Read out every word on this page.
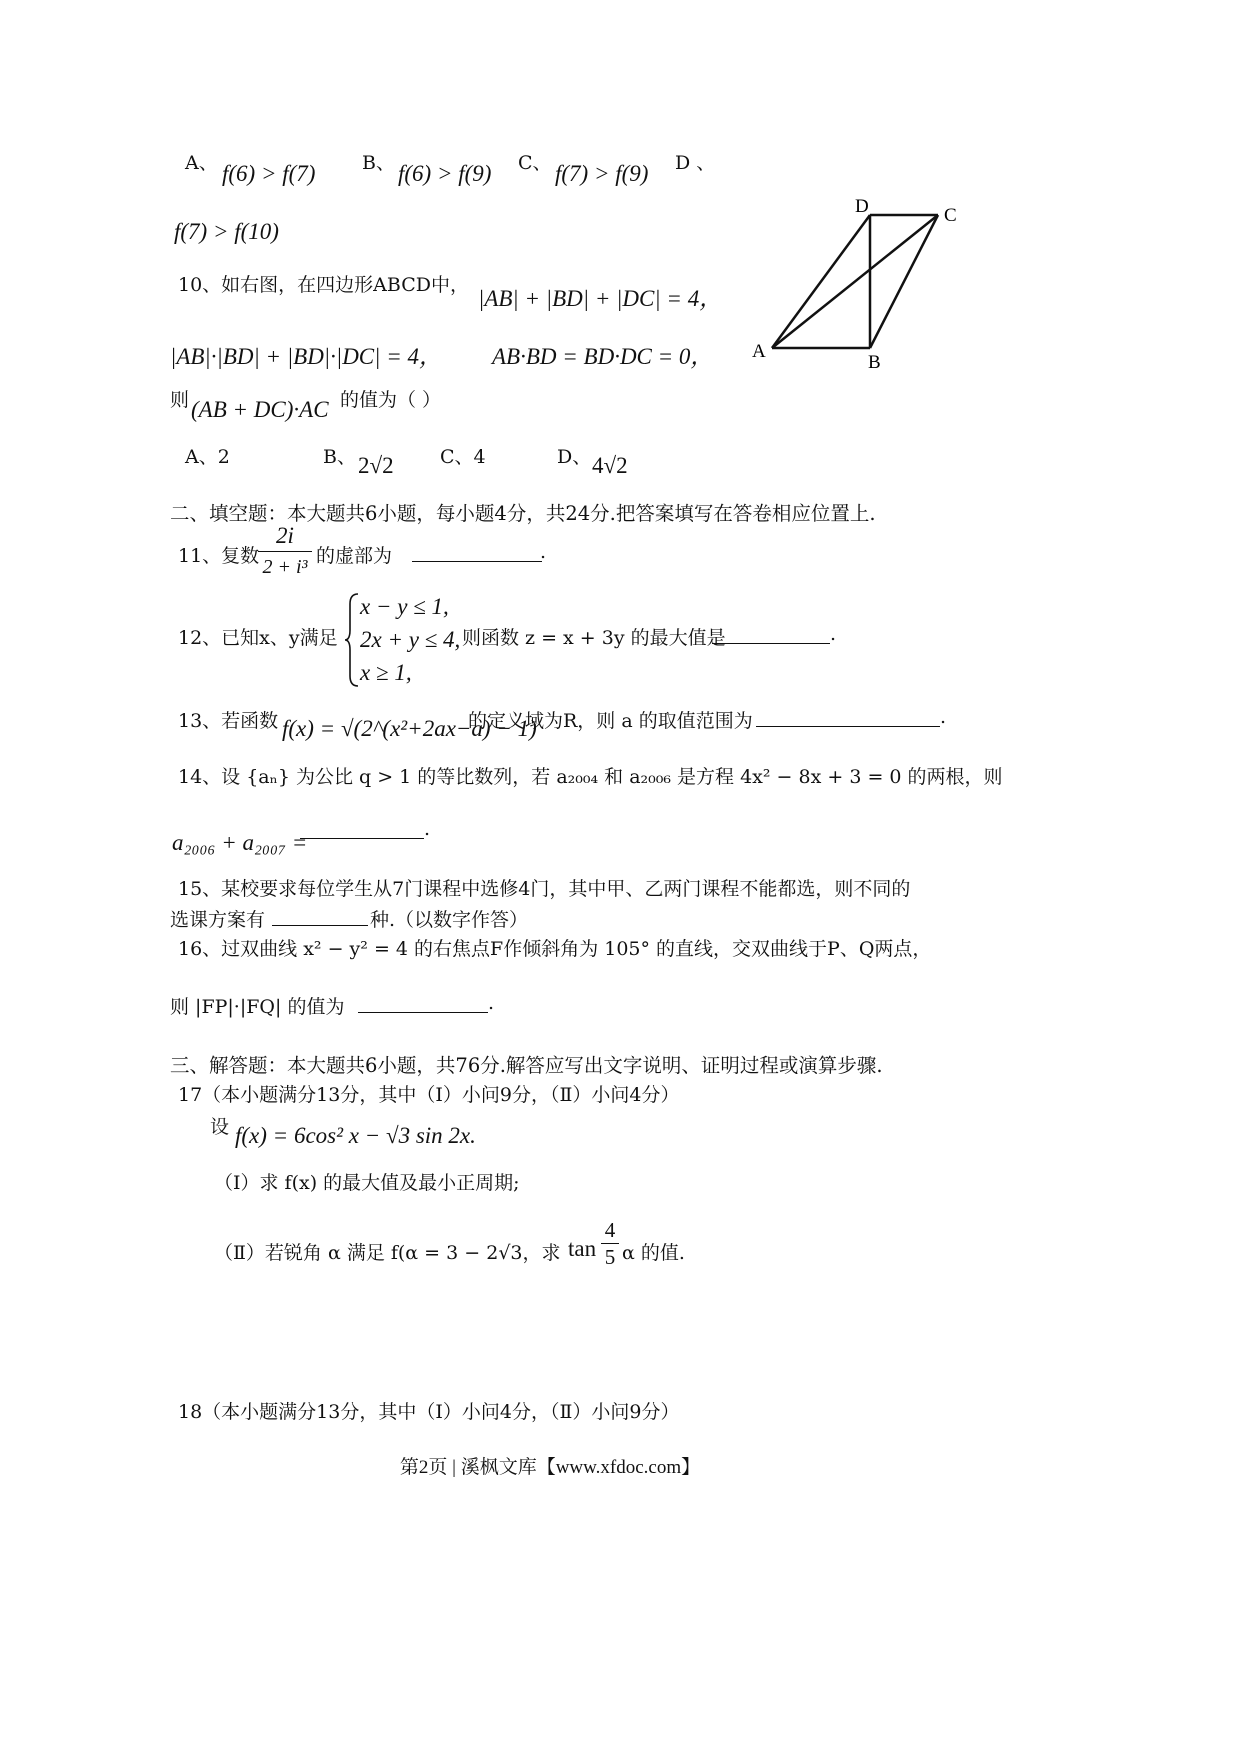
A、 f(6) > f(7) B、 f(6) > f(9) C、 f(7) > f(9) D 、
f(7) > f(10)
D	C
A
B
10、如右图，在四边形ABCD中，
|AB| + |BD| + |DC| = 4，
|AB|·|BD| + |BD|·|DC| = 4， AB·BD = BD·DC = 0，
则 (AB + DC)·AC 的值为（ ）
A、2	B、 2√2 C、4	D、 4√2
二、填空题：本大题共6小题，每小题4分，共24分.把答案填写在答卷相应位置上.
11、复数
2i
2 + i³ 的虚部为	.
12、已知x、y满足
x − y ≤ 1,
2x + y ≤ 4,
x ≥ 1,
则函数 z = x + 3y 的最大值是	.
13、若函数 f(x) = √(2^(x²+2ax−a) − 1)
的定义域为R，则 a 的取值范围为	.
14、设 {aₙ} 为公比 q > 1 的等比数列，若 a₂₀₀₄ 和 a₂₀₀₆ 是方程 4x² − 8x + 3 = 0 的两根，则
a₂₀₀₆ + a₂₀₀₇ =
.
15、某校要求每位学生从7门课程中选修4门，其中甲、乙两门课程不能都选，则不同的
选课方案有	种.（以数字作答）
16、过双曲线 x² − y² = 4 的右焦点F作倾斜角为 105° 的直线，交双曲线于P、Q两点，
则 |FP|·|FQ| 的值为	.
三、解答题：本大题共6小题，共76分.解答应写出文字说明、证明过程或演算步骤.
17（本小题满分13分，其中（Ⅰ）小问9分，（Ⅱ）小问4分）
设 f(x) = 6cos² x − √3 sin 2x.
（Ⅰ）求 f(x) 的最大值及最小正周期;
（Ⅱ）若锐角 α 满足 f(α = 3 − 2√3，求 tan
4
5 α 的值.
18（本小题满分13分，其中（Ⅰ）小问4分，（Ⅱ）小问9分）
第2页 | 溪枫文库【www.xfdoc.com】
